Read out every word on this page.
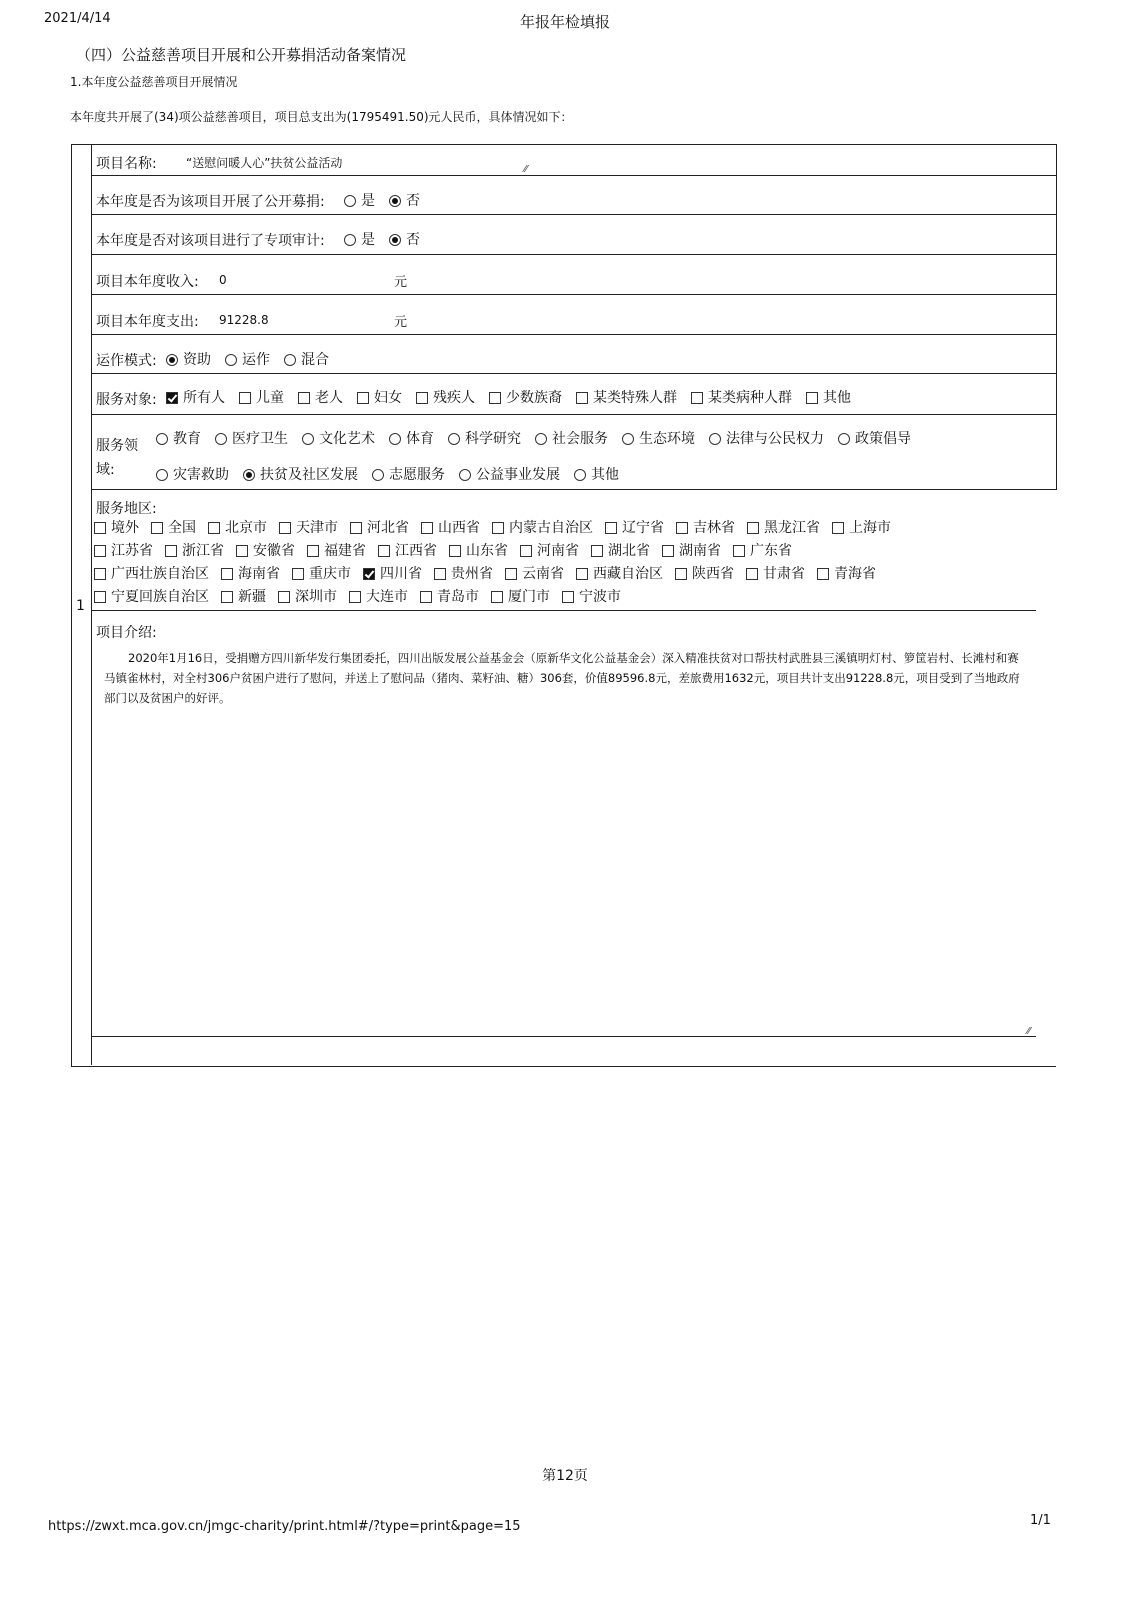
2021/4/14	年报年检填报
（四）公益慈善项目开展和公开募捐活动备案情况
1.本年度公益慈善项目开展情况
本年度共开展了(34)项公益慈善项目，项目总支出为(1795491.50)元人民币，具体情况如下：
1
项目名称: “送慰问暖人心”扶贫公益活动	⁄⁄
本年度是否为该项目开展了公开募捐:	是 否
本年度是否对该项目进行了专项审计:	是 否
项目本年度收入: 0	元
项目本年度支出: 91228.8	元
运作模式:	资助 运作 混合
服务对象:	所有人 儿童 老人 妇女 残疾人 少数族裔 某类特殊人群 某类病种人群 其他
服务领
域:
教育 医疗卫生 文化艺术 体育 科学研究 社会服务 生态环境 法律与公民权力 政策倡导
灾害救助 扶贫及社区发展 志愿服务 公益事业发展 其他
服务地区:
境外 全国 北京市 天津市 河北省 山西省 内蒙古自治区 辽宁省 吉林省 黑龙江省 上海市
江苏省 浙江省 安徽省 福建省 江西省 山东省 河南省 湖北省 湖南省 广东省
广西壮族自治区 海南省 重庆市 四川省 贵州省 云南省 西藏自治区 陕西省 甘肃省 青海省
宁夏回族自治区 新疆 深圳市 大连市 青岛市 厦门市 宁波市
项目介绍:
2020年1月16日，受捐赠方四川新华发行集团委托，四川出版发展公益基金会（原新华文化公益基金会）深入精准扶贫对口帮扶村武胜县三溪镇明灯村、箩筐岩村、长滩村和赛马镇雀林村，对全村306户贫困户进行了慰问，并送上了慰问品（猪肉、菜籽油、糖）306套，价值89596.8元，差旅费用1632元，项目共计支出91228.8元，项目受到了当地政府部门以及贫困户的好评。
⁄⁄
第12页
https://zwxt.mca.gov.cn/jmgc-charity/print.html#/?type=print&page=15	1/1
